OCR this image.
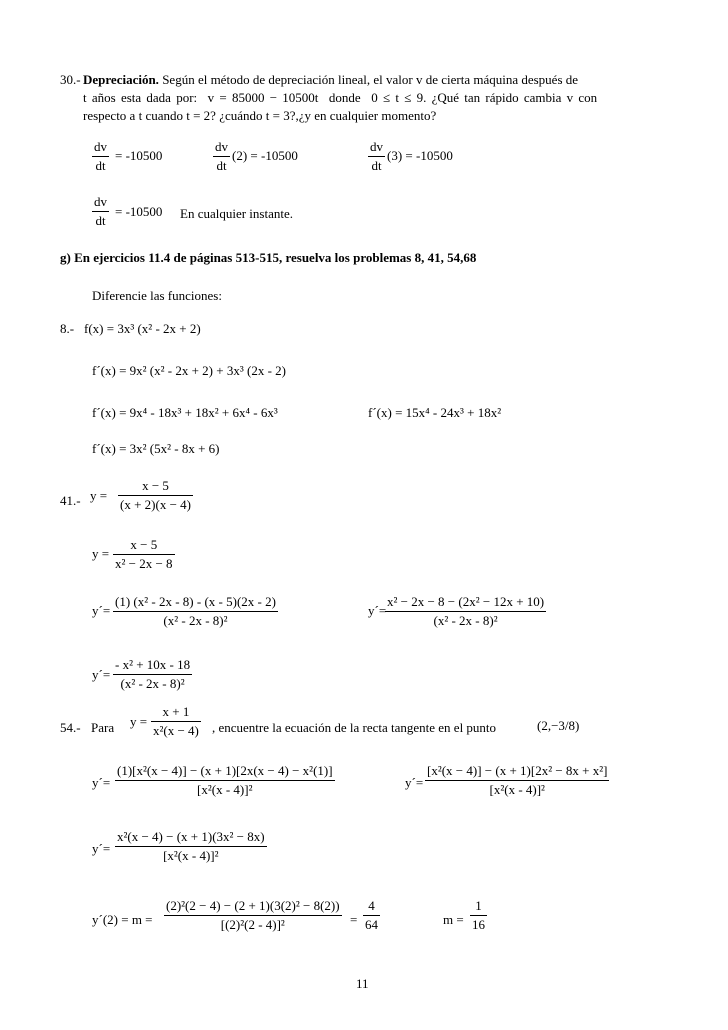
30.- Depreciación. Según el método de depreciación lineal, el valor v de cierta máquina después de
t años esta dada por: v = 85000 − 10500t donde 0 ≤ t ≤ 9. ¿Qué tan rápido cambia v con
respecto a t cuando t = 2? ¿cuándo t = 3?,¿y en cualquier momento?
$\frac{dv}{dt} = -10500$	$\frac{dv}{dt} (2) = -10500$	$\frac{dv}{dt} (3) = -10500$
$\frac{dv}{dt} = -10500$ En cualquier instante.
g) En ejercicios 11.4 de páginas 513-515, resuelva los problemas 8, 41, 54,68
Diferencie las funciones:
8.- f(x) = 3x³ (x² - 2x + 2)
f´(x) = 9x² (x² - 2x + 2) + 3x³ (2x - 2)
f´(x) = 9x⁴ - 18x³ + 18x² + 6x⁴ - 6x³	f´(x) = 15x⁴ - 24x³ + 18x²
f´(x) = 3x² (5x² - 8x + 6)
41.- $y = \frac{x - 5}{(x + 2)(x - 4)}$
$y = \frac{x - 5}{\text{x² − 2x − 8}}$
y´= $\frac{\text{(1) (x² - 2x - 8) - (x - 5)(2x - 2)}}{\text{(x² - 2x - 8)²}}$	y´=
$\frac{\text{x² − 2x − 8 − (2x² − 12x + 10)}}{\text{(x² - 2x - 8)²}}$
y´= $\frac{\text{- x² + 10x - 18}}{\text{(x² - 2x - 8)²}}$
54.- Para $y = \frac{x + 1}{\text{x²(x − 4)}}$ , encuentre la ecuación de la recta tangente en el punto	(2,−3/8)
y´= $\frac{\text{(1)[x²(x − 4)] − (x + 1)[2x(x − 4) − x²(1)]}}{\text{[x²(x - 4)]²}}$	y´= $\frac{\text{[x²(x − 4)] − (x + 1)[2x² − 8x + x²]}}{\text{[x²(x - 4)]²}}$
y´= $\frac{\text{x²(x − 4) − (x + 1)(3x² − 8x)}}{\text{[x²(x - 4)]²}}$
y´(2) = $m = \frac{\text{(2)²(2 − 4) − (2 + 1)(3(2)² − 8(2))}}{\text{[(2)²(2 - 4)]²}} = \frac{4}{64}$	$m = \frac{1}{16}$
11
